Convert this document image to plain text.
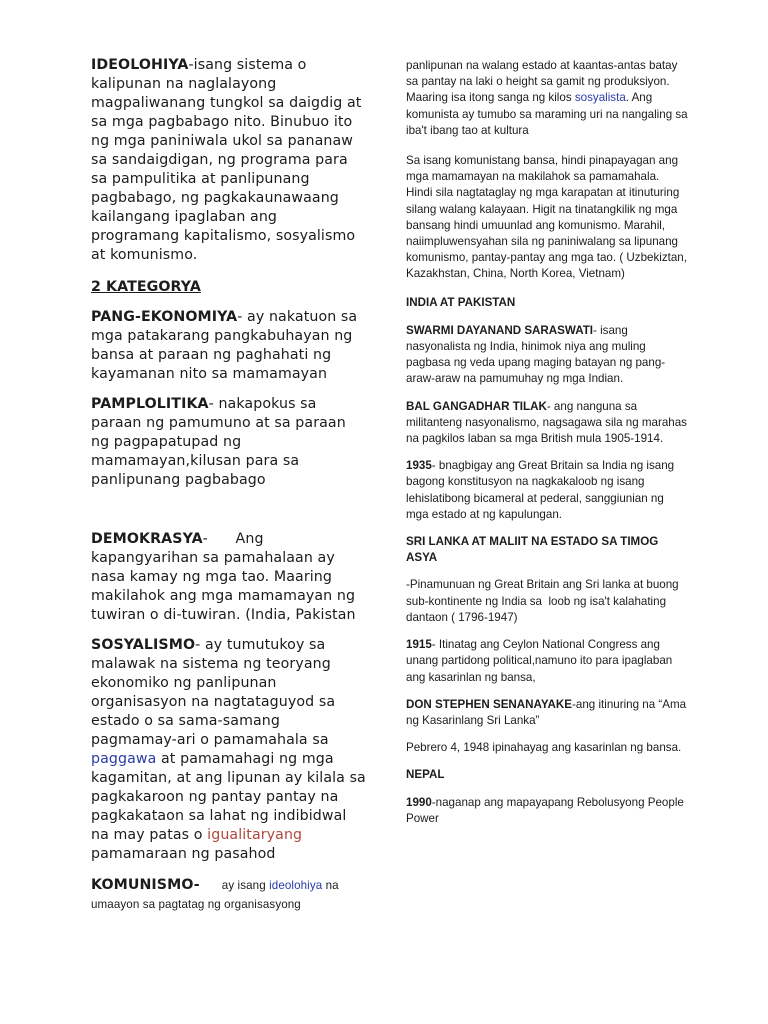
IDEOLOHIYA-isang sistema o kalipunan na naglalayong magpaliwanang tungkol sa daigdig at sa mga pagbabago nito. Binubuo ito ng mga paniniwala ukol sa pananaw sa sandaigdigan, ng programa para sa pampulitika at panlipunang pagbabago, ng pagkakaunawaang kailangang ipaglaban ang programang kapitalismo, sosyalismo at komunismo.

2 KATEGORYA

PANG-EKONOMIYA- ay nakatuon sa mga patakarang pangkabuhayan ng bansa at paraan ng paghahati ng kayamanan nito sa mamamayan

PAMPLOLITIKA- nakapokus sa paraan ng pamumuno at sa paraan ng pagpapatupad ng mamamayan,kilusan para sa panlipunang pagbabago

DEMOKRASYA-      Ang kapangyarihan sa pamahalaan ay nasa kamay ng mga tao. Maaring makilahok ang mga mamamayan ng tuwiran o di-tuwiran. (India, Pakistan

SOSYALISMO- ay tumutukoy sa malawak na sistema ng teoryang ekonomiko ng panlipunan organisasyon na nagtataguyod sa estado o sa sama-samang pagmamay-ari o pamamahala sa paggawa at pamamahagi ng mga kagamitan, at ang lipunan ay kilala sa pagkakaroon ng pantay pantay na pagkakataon sa lahat ng indibidwal na may patas o igualitaryang pamamaraan ng pasahod

KOMUNISMO- ay isang ideolohiya na umaayon sa pagtatag ng organisasyong

panlipunan na walang estado at kaantas-antas batay sa pantay na laki o height sa gamit ng produksiyon. Maaring isa itong sanga ng kilos sosyalista. Ang komunista ay tumubo sa maraming uri na nangaling sa iba't ibang tao at kultura

Sa isang komunistang bansa, hindi pinapayagan ang mga mamamayan na makilahok sa pamamahala. Hindi sila nagtataglay ng mga karapatan at itinuturing silang walang kalayaan. Higit na tinatangkilik ng mga bansang hindi umuunlad ang komunismo. Marahil, naiimpluwensyahan sila ng paniniwalang sa lipunang komunismo, pantay-pantay ang mga tao. ( Uzbekiztan, Kazakhstan, China, North Korea, Vietnam)

INDIA AT PAKISTAN

SWARMI DAYANAND SARASWATI- isang nasyonalista ng India, hinimok niya ang muling pagbasa ng veda upang maging batayan ng pang-araw-araw na pamumuhay ng mga Indian.

BAL GANGADHAR TILAK- ang nanguna sa militanteng nasyonalismo, nagsagawa sila ng marahas na pagkilos laban sa mga British mula 1905-1914.

1935- bnagbigay ang Great Britain sa India ng isang bagong konstitusyon na nagkakaloob ng isang lehislatibong bicameral at pederal, sanggiunian ng mga estado at ng kapulungan.

SRI LANKA AT MALIIT NA ESTADO SA TIMOG ASYA

-Pinamunuan ng Great Britain ang Sri lanka at buong sub-kontinente ng India sa  loob ng isa't kalahating dantaon ( 1796-1947)

1915- Itinatag ang Ceylon National Congress ang unang partidong political,namuno ito para ipaglaban ang kasarinlan ng bansa,

DON STEPHEN SENANAYAKE-ang itinuring na “Ama ng Kasarinlang Sri Lanka”

Pebrero 4, 1948 ipinahayag ang kasarinlan ng bansa.

NEPAL

1990-naganap ang mapayapang Rebolusyong People Power
